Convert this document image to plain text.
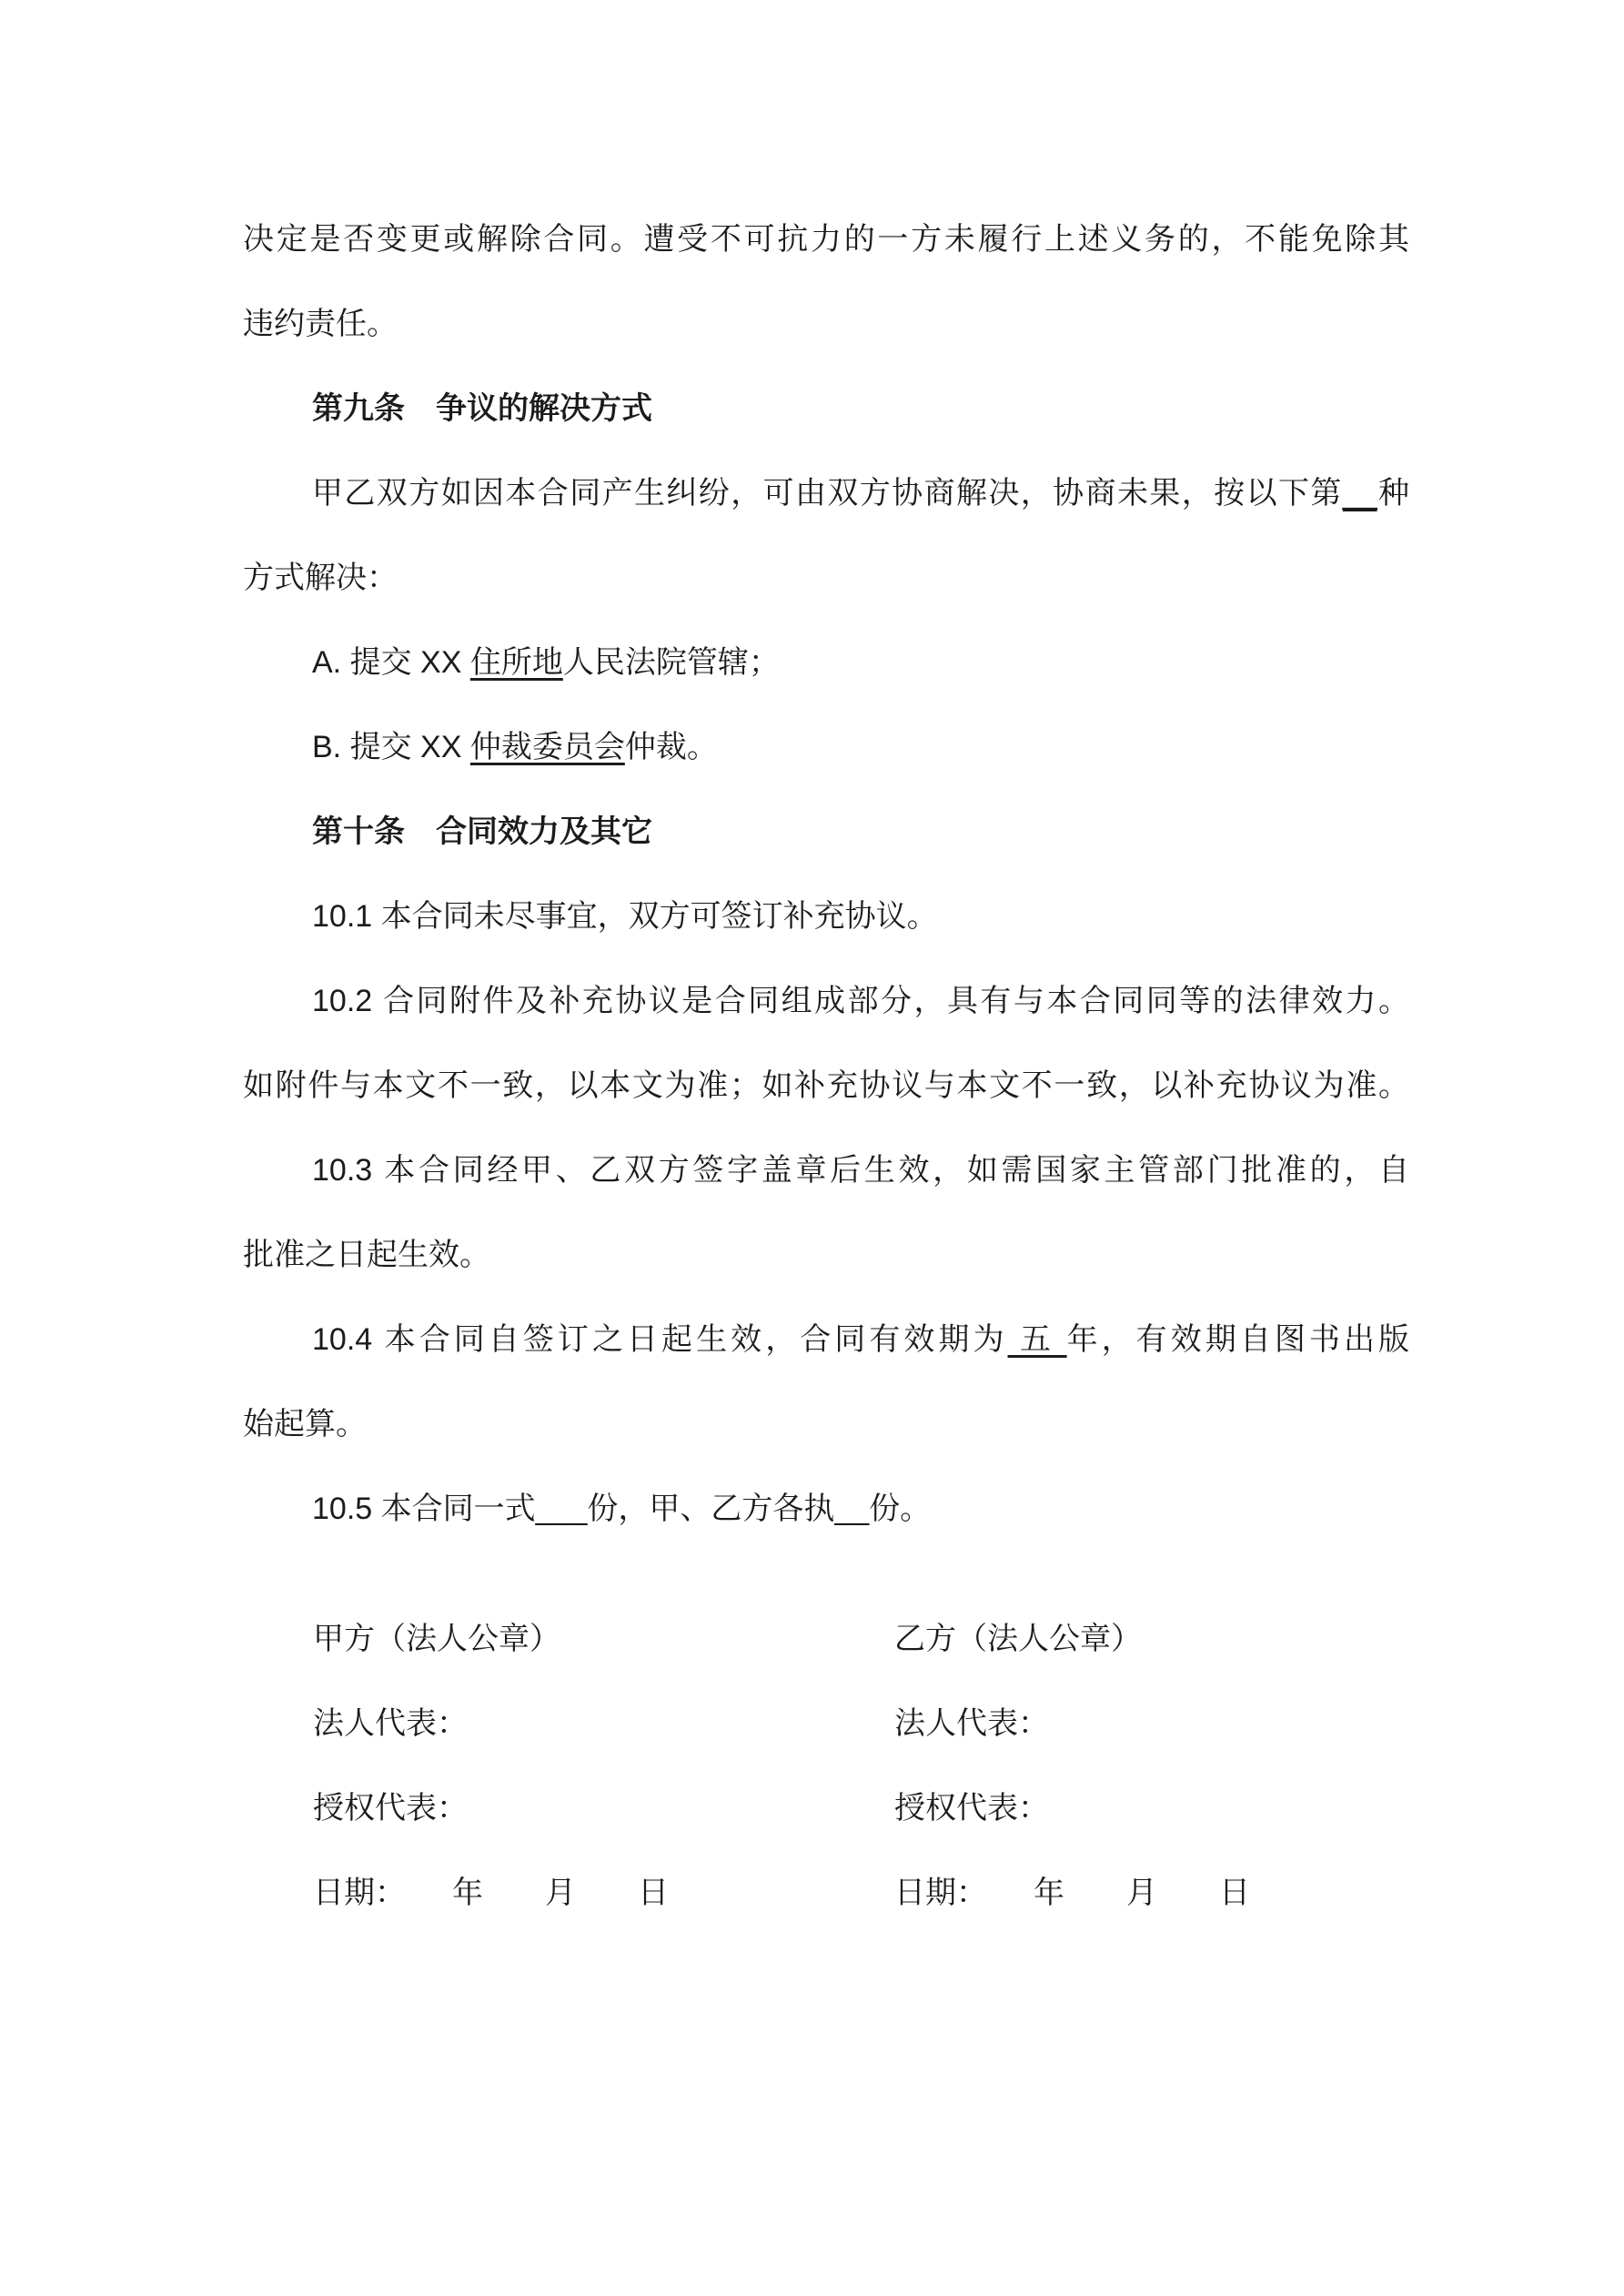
决定是否变更或解除合同。遭受不可抗力的一方未履行上述义务的，不能免除其
违约责任。
第九条　争议的解决方式
甲乙双方如因本合同产生纠纷，可由双方协商解决，协商未果，按以下第__种
方式解决：
A. 提交 XX 住所地人民法院管辖；
B. 提交 XX 仲裁委员会仲裁。
第十条　合同效力及其它
10.1 本合同未尽事宜，双方可签订补充协议。
10.2 合同附件及补充协议是合同组成部分，具有与本合同同等的法律效力。
如附件与本文不一致，以本文为准；如补充协议与本文不一致，以补充协议为准。
10.3 本合同经甲、乙双方签字盖章后生效，如需国家主管部门批准的，自
批准之日起生效。
10.4 本合同自签订之日起生效，合同有效期为 五 年，有效期自图书出版
始起算。
10.5 本合同一式___份，甲、乙方各执__份。
甲方（法人公章）	乙方（法人公章）
法人代表：	法人代表：
授权代表：	授权代表：
日期：　　年　　月　　日	日期：　　年　　月　　日
